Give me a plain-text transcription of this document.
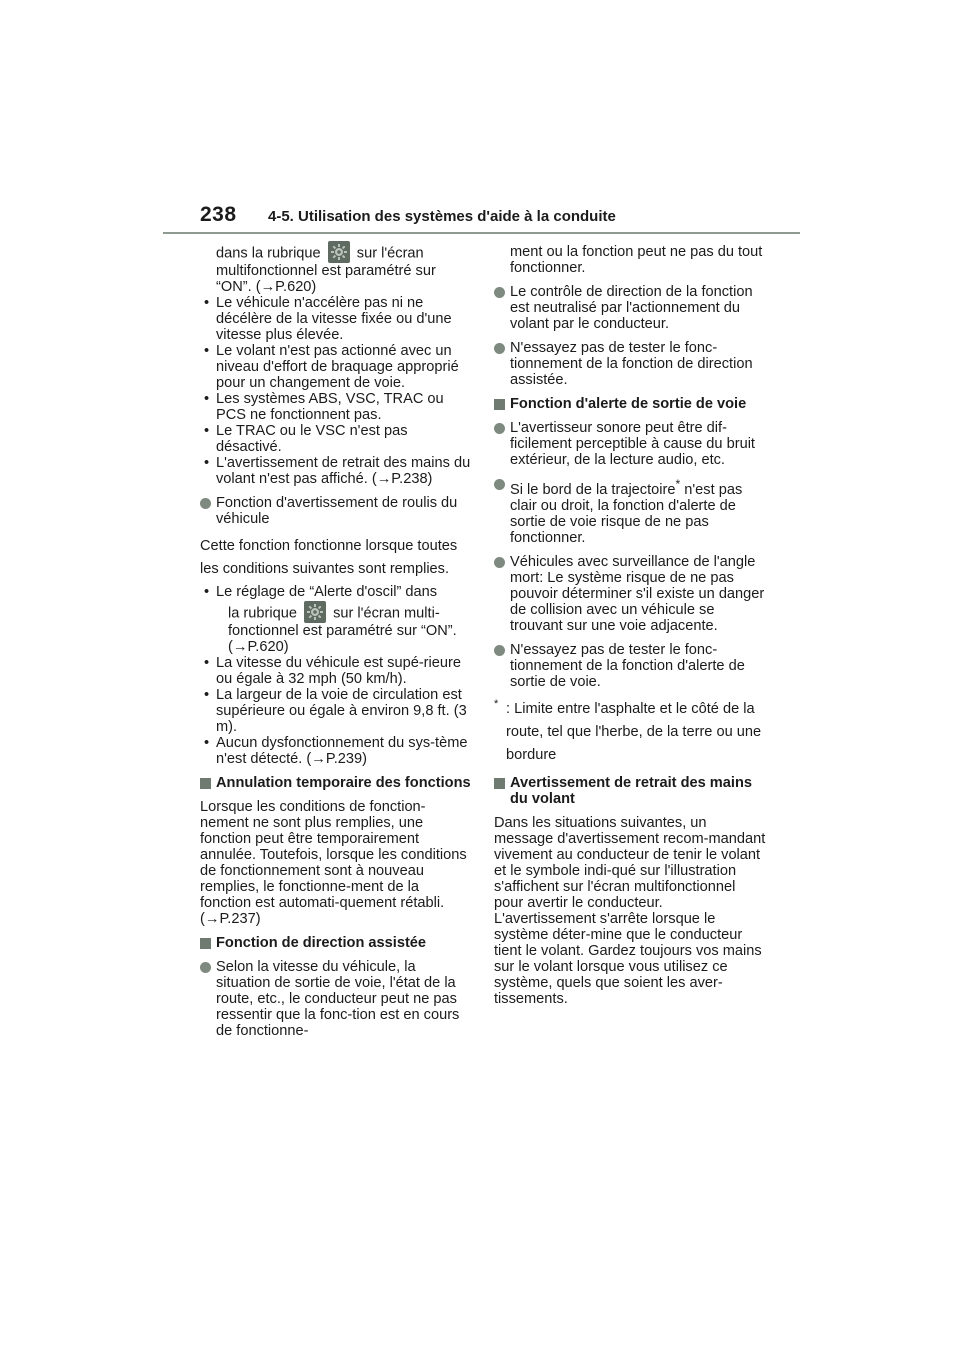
238 4-5. Utilisation des systèmes d'aide à la conduite
dans la rubrique sur l'écran multifonctionnel est paramétré sur “ON”. (→P.620)
• Le véhicule n'accélère pas ni ne décélère de la vitesse fixée ou d'une vitesse plus élevée.
• Le volant n'est pas actionné avec un niveau d'effort de braquage approprié pour un changement de voie.
• Les systèmes ABS, VSC, TRAC ou PCS ne fonctionnent pas.
• Le TRAC ou le VSC n'est pas désactivé.
• L'avertissement de retrait des mains du volant n'est pas affiché. (→P.238)
Fonction d'avertissement de roulis du véhicule
Cette fonction fonctionne lorsque toutes les conditions suivantes sont remplies.
• Le réglage de “Alerte d'oscil” dans
la rubrique sur l'écran multi-fonctionnel est paramétré sur “ON”. (→P.620)
• La vitesse du véhicule est supé-rieure ou égale à 32 mph (50 km/h).
• La largeur de la voie de circulation est supérieure ou égale à environ 9,8 ft. (3 m).
• Aucun dysfonctionnement du sys-tème n'est détecté. (→P.239)
Annulation temporaire des fonctions
Lorsque les conditions de fonction-nement ne sont plus remplies, une fonction peut être temporairement annulée. Toutefois, lorsque les conditions de fonctionnement sont à nouveau remplies, le fonctionne-ment de la fonction est automati-quement rétabli. (→P.237)
Fonction de direction assistée
Selon la vitesse du véhicule, la situation de sortie de voie, l'état de la route, etc., le conducteur peut ne pas ressentir que la fonc-tion est en cours de fonctionne-
ment ou la fonction peut ne pas du tout fonctionner.
Le contrôle de direction de la fonction est neutralisé par l'actionnement du volant par le conducteur.
N'essayez pas de tester le fonc-tionnement de la fonction de direction assistée.
Fonction d'alerte de sortie de voie
L'avertisseur sonore peut être dif-ficilement perceptible à cause du bruit extérieur, de la lecture audio, etc.
Si le bord de la trajectoire* n'est pas clair ou droit, la fonction d'alerte de sortie de voie risque de ne pas fonctionner.
Véhicules avec surveillance de l'angle mort: Le système risque de ne pas pouvoir déterminer s'il existe un danger de collision avec un véhicule se trouvant sur une voie adjacente.
N'essayez pas de tester le fonc-tionnement de la fonction d'alerte de sortie de voie.
* : Limite entre l'asphalte et le côté de la route, tel que l'herbe, de la terre ou une bordure
Avertissement de retrait des mains du volant
Dans les situations suivantes, un message d'avertissement recom-mandant vivement au conducteur de tenir le volant et le symbole indi-qué sur l'illustration s'affichent sur l'écran multifonctionnel pour avertir le conducteur. L'avertissement s'arrête lorsque le système déter-mine que le conducteur tient le volant. Gardez toujours vos mains sur le volant lorsque vous utilisez ce système, quels que soient les aver-tissements.
